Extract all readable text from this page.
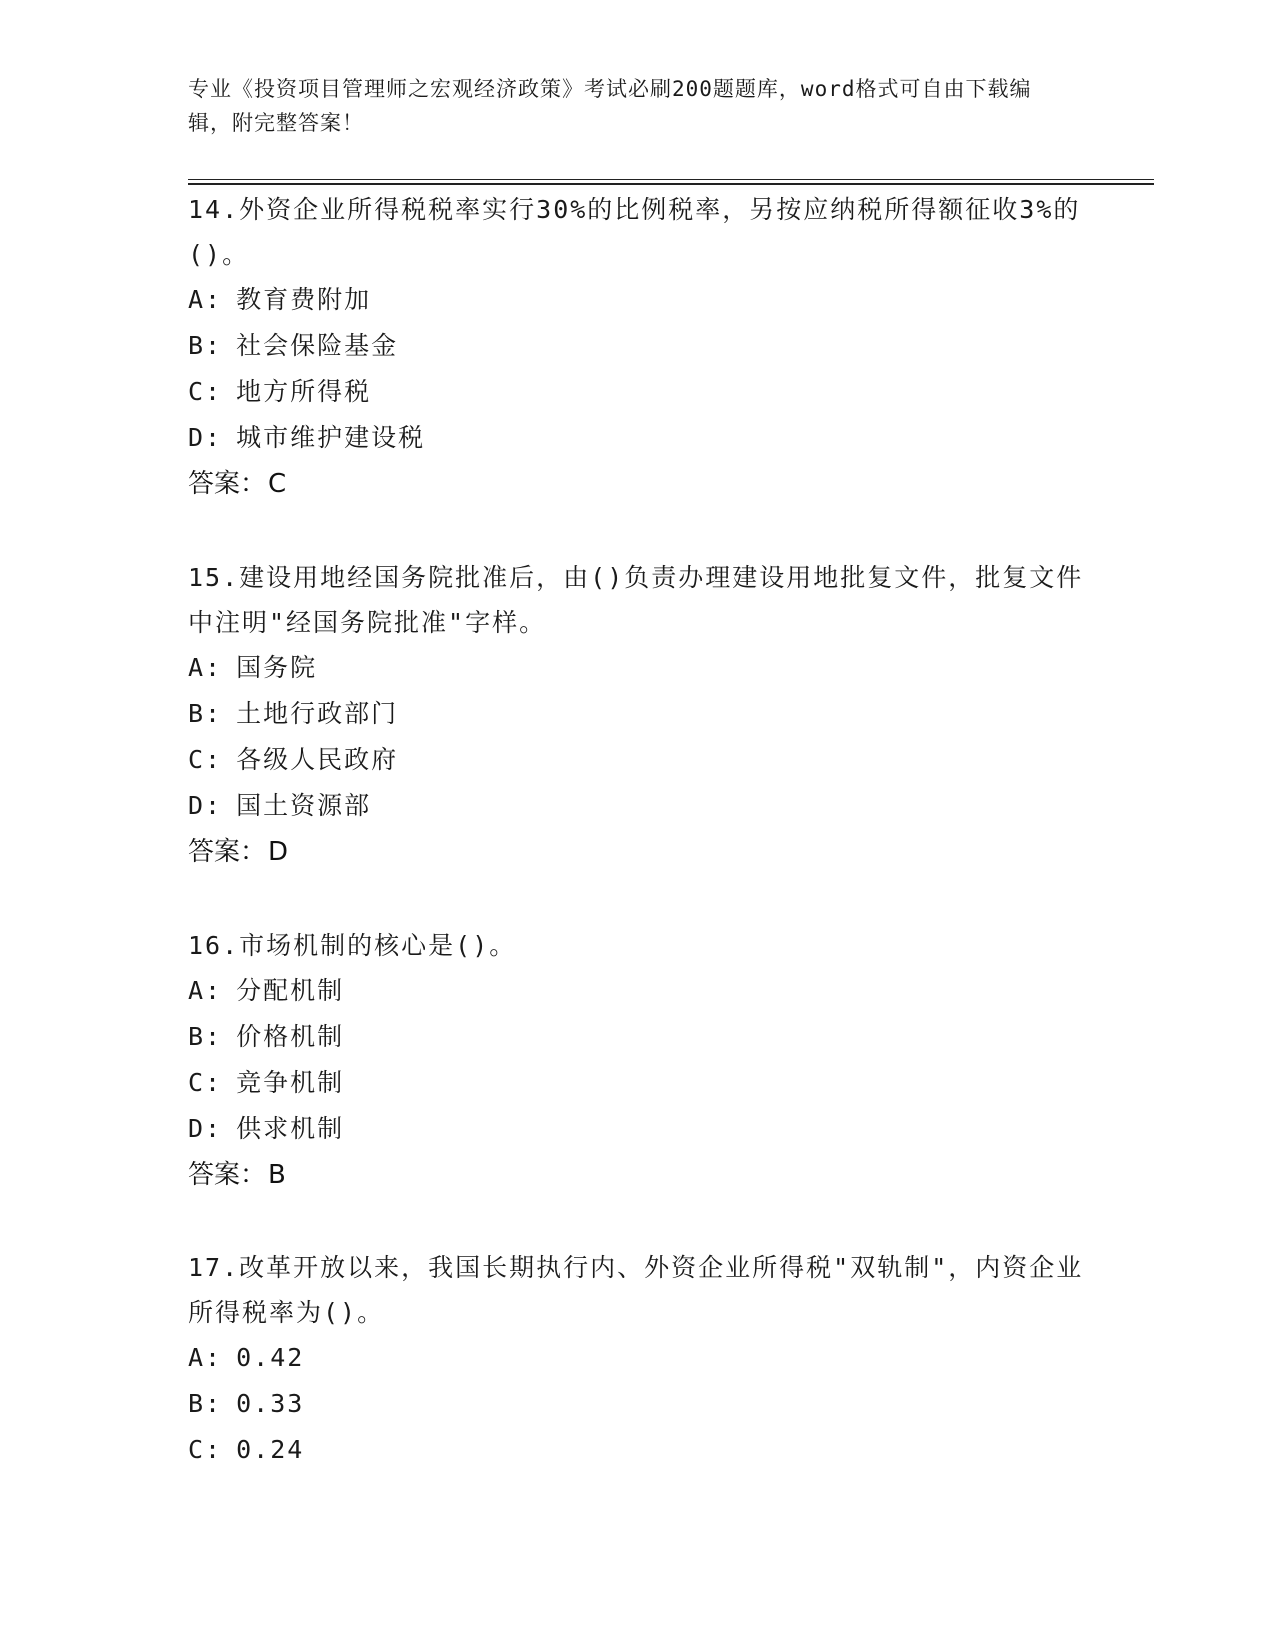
专业《投资项目管理师之宏观经济政策》考试必刷200题题库，word格式可自由下载编辑，附完整答案！
14.外资企业所得税税率实行30%的比例税率，另按应纳税所得额征收3%的()。
A: 教育费附加
B: 社会保险基金
C: 地方所得税
D: 城市维护建设税
答案：C
15.建设用地经国务院批准后，由()负责办理建设用地批复文件，批复文件中注明"经国务院批准"字样。
A: 国务院
B: 土地行政部门
C: 各级人民政府
D: 国土资源部
答案：D
16.市场机制的核心是()。
A: 分配机制
B: 价格机制
C: 竞争机制
D: 供求机制
答案：B
17.改革开放以来，我国长期执行内、外资企业所得税"双轨制"，内资企业所得税率为()。
A: 0.42
B: 0.33
C: 0.24
